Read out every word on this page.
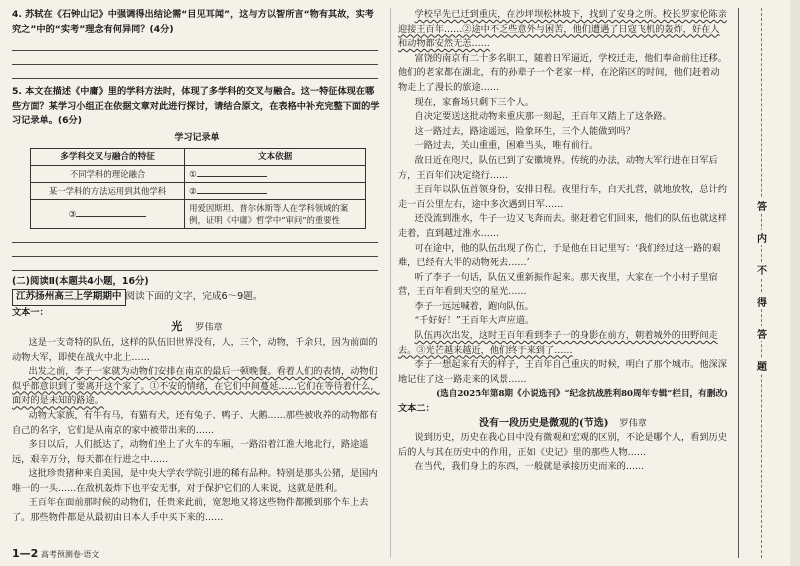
4. 苏轼在《石钟山记》中强调得出结论需“目见耳闻”，这与方以智所言“物有其故，实考究之”中的“实考”理念有何异同？(4分)
5. 本文在描述《中庸》里的学科方法时，体现了多学科的交叉与融合。这一特征体现在哪些方面？某学习小组正在依据文章对此进行探讨，请结合原文，在表格中补充完整下面的学习记录单。(6分)
学习记录单
多学科交叉与融合的特征	文本依据
不同学科的理论融合	①
某一学科的方法运用到其他学科	②
③	用爱因斯坦、普尔休斯等人在学科领域的案例，证明《中庸》哲学中“审问”的重要性
(二)阅读Ⅱ(本题共4小题，16分)
江苏扬州高三上学期期中 阅读下面的文字，完成6～9题。
文本一：
光 罗伟章

这是一支奇特的队伍，这样的队伍旧世界没有，人，三个，动物，千余只，因为前面的动物大军，即使在战火中北上……

出发之前，李子一家就为动物们安排在南京的最后一顿晚餐。看着人们的表情，动物们似乎都意识到了要离开这个家了。①不安的情绪，在它们中间蔓延……它们在等待着什么，面对的是未知的路途。

动物大家族，有牛有马，有猫有犬，还有兔子、鸭子、大鹅……那些被收养的动物都有自己的名字，它们是从南京的家中被带出来的……

多日以后，人们抵达了，动物们坐上了火车的车厢，一路沿着江淮大地北行，路途遥远，艰辛万分，每天都在行进之中……

这批珍贵猪种来自美国，是中央大学农学院引进的稀有品种。特别是那头公猪，是国内唯一的一头……在敌机轰炸下也平安无事，对于保护它们的人来说，这就是胜利。

王百年在面前那时候的动物们，任贵来此前，宽恕地又将这些物件都搬到那个车上去了。那些物件都是从最初由日本人手中买下来的……

学校早先已迁到重庆，在沙坪坝松林坡下，找到了安身之所。校长罗家伦陈亲迎接王百年……②途中不乏些意外与困苦，他们遭遇了日寇飞机的轰炸，好在人和动物都安然无恙……

富饶的南京有二十多名职工，随着日军逼近，学校迁走，他们奉命前往迁移。他们的老家都在湖北，有的孙辈子一个老家一样，在沦陷区的时间，他们赶着动物走上了漫长的旅途……

现在，家畜场只剩下三个人。

自决定要送这批动物来重庆那一刻起，王百年又踏上了这条路。

这一路过去，路途遥远，险象环生，三个人能做到吗？

一路过去，关山重重，困难当头，唯有前行。

敌日近在咫尺，队伍已到了安徽境界。传统的办法，动物大军行进在日军后方，王百年们决定绕行……

王百年以队伍首领身份，安排日程。夜里行车，白天扎营，就地放牧，总计约走一百公里左右，途中多次遇到日军……

还没流到淮水，牛子一边又飞奔而去。驱赶着它们回来，他们的队伍也就这样走着，直到越过淮水……

可在途中，他的队伍出现了伤亡，于是他在日记里写：‘我们经过这一路的艰难，已经有大半的动物死去……’

听了李子一句话，队伍又重新振作起来。那天夜里，大家在一个小村子里宿营，王百年看到天空的星光……

李子一远远喊着，跑向队伍。

“千好好！”王百年大声应道。

队伍再次出发，这时王百年看到李子一的身影在前方，朝着城外的田野间走去。③光芒越来越近，他们终于来到了……

李子一想起来有天的样子，王百年自己重庆的时候，明白了那个城市。他深深地记住了这一路走来的风景……

(选自2025年第8期《小说选刊》“纪念抗战胜利80周年专辑”栏目，有删改)
文本二：
没有一段历史是微观的(节选) 罗伟章

说到历史，历史在我心目中没有微观和宏观的区别，不论是哪个人，看到历史后的人与其在历史中的作用，正如《史记》里的那些人物……

在当代，我们身上的东西，一般就是承接历史而来的……

答
内
不
得
答
题
1—2 高考预测卷·语文
